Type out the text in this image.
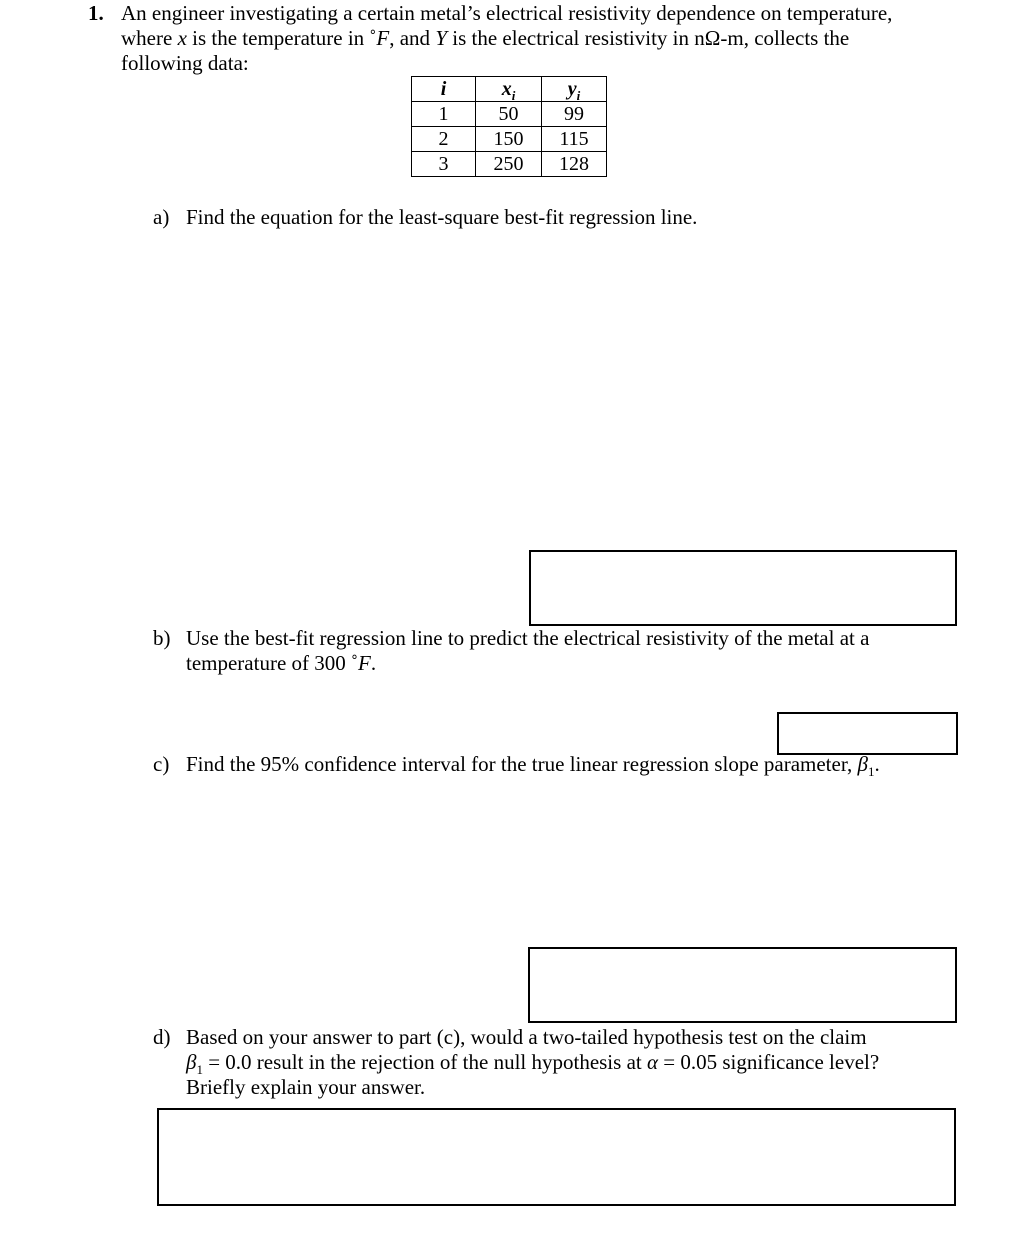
1. An engineer investigating a certain metal’s electrical resistivity dependence on temperature,
where x is the temperature in ˚F, and Y is the electrical resistivity in nΩ-m, collects the
following data:
i	$x_i$	$y_i$
1	50	99
2	150	115
3	250	128
a) Find the equation for the least-square best-fit regression line.
b) Use the best-fit regression line to predict the electrical resistivity of the metal at a
temperature of 300 ˚F.
c) Find the 95% confidence interval for the true linear regression slope parameter, $\beta_1$.
d) Based on your answer to part (c), would a two-tailed hypothesis test on the claim
$\beta_1 = 0.0$ result in the rejection of the null hypothesis at α = 0.05 significance level?
Briefly explain your answer.
